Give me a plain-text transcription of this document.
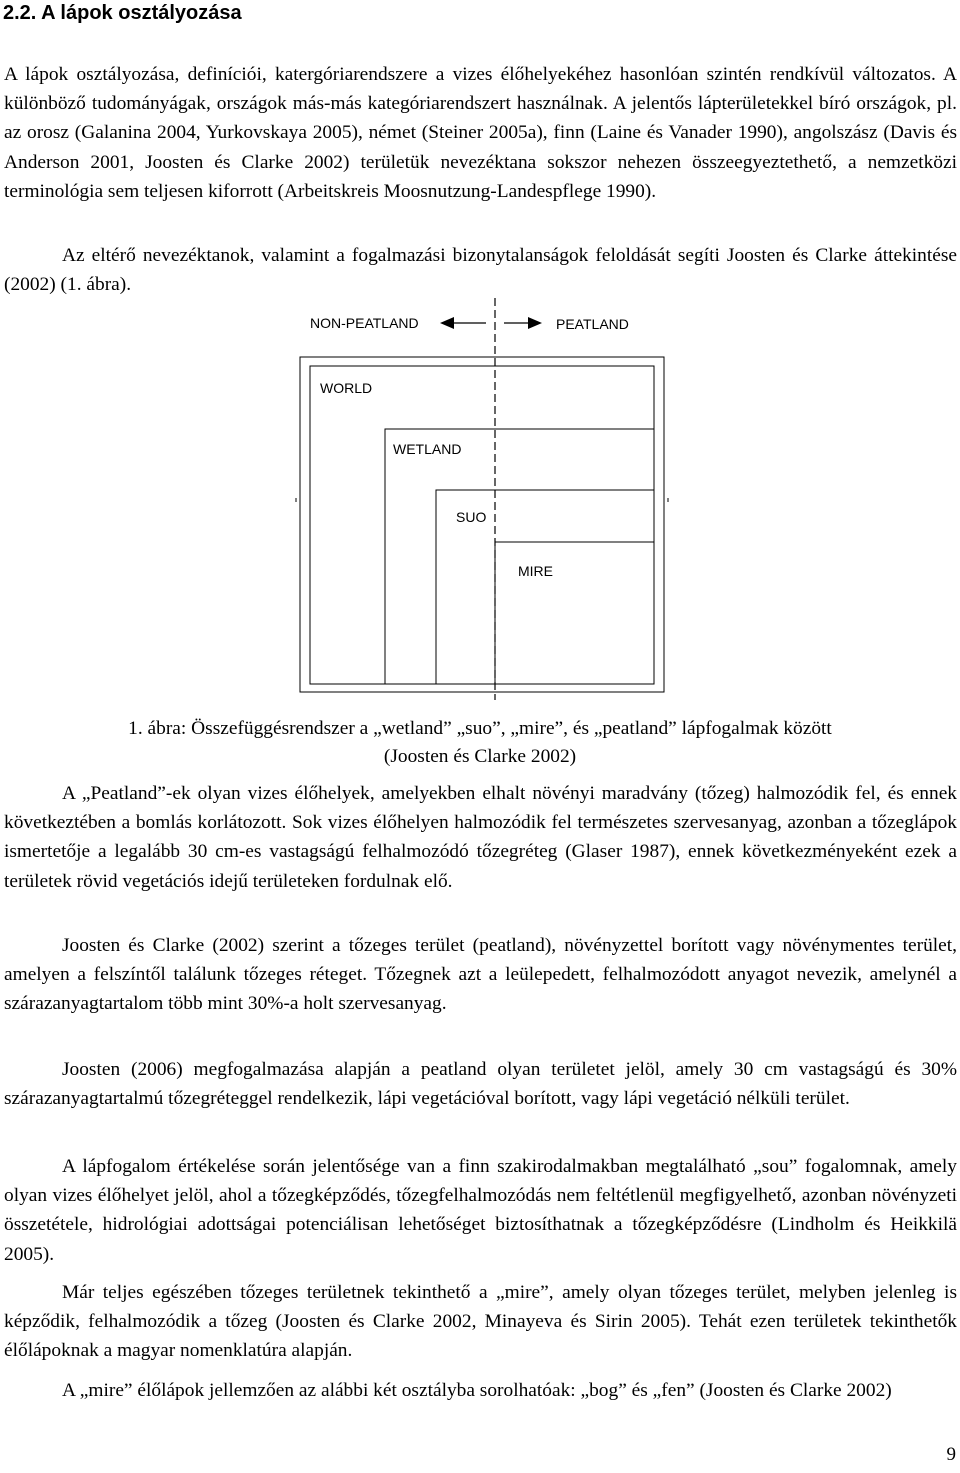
2.2. A lápok osztályozása
A lápok osztályozása, definíciói, katergóriarendszere a vizes élőhelyekéhez hasonlóan szintén rendkívül változatos. A különböző tudományágak, országok más-más kategóriarendszert használnak. A jelentős lápterületekkel bíró országok, pl. az orosz (Galanina 2004, Yurkovskaya 2005), német (Steiner 2005a), finn (Laine és Vanader 1990), angolszász (Davis és Anderson 2001, Joosten és Clarke 2002) területük nevezéktana sokszor nehezen összeegyeztethető, a nemzetközi terminológia sem teljesen kiforrott (Arbeitskreis Moosnutzung-Landespflege 1990).
Az eltérő nevezéktanok, valamint a fogalmazási bizonytalanságok feloldását segíti Joosten és Clarke áttekintése (2002) (1. ábra).
NON-PEATLAND	PEATLAND
WORLD
WETLAND
SUO
MIRE
1. ábra: Összefüggésrendszer a „wetland” „suo”, „mire”, és „peatland” lápfogalmak között
(Joosten és Clarke 2002)
A „Peatland”-ek olyan vizes élőhelyek, amelyekben elhalt növényi maradvány (tőzeg) halmozódik fel, és ennek következtében a bomlás korlátozott. Sok vizes élőhelyen halmozódik fel természetes szervesanyag, azonban a tőzeglápok ismertetője a legalább 30 cm-es vastagságú felhalmozódó tőzegréteg (Glaser 1987), ennek következményeként ezek a területek rövid vegetációs idejű területeken fordulnak elő.
Joosten és Clarke (2002) szerint a tőzeges terület (peatland), növényzettel borított vagy növénymentes terület, amelyen a felszíntől találunk tőzeges réteget. Tőzegnek azt a leülepedett, felhalmozódott anyagot nevezik, amelynél a szárazanyagtartalom több mint 30%-a holt szervesanyag.
Joosten (2006) megfogalmazása alapján a peatland olyan területet jelöl, amely 30 cm vastagságú és 30% szárazanyagtartalmú tőzegréteggel rendelkezik, lápi vegetációval borított, vagy lápi vegetáció nélküli terület.
A lápfogalom értékelése során jelentősége van a finn szakirodalmakban megtalálható „sou” fogalomnak, amely olyan vizes élőhelyet jelöl, ahol a tőzegképződés, tőzegfelhalmozódás nem feltétlenül megfigyelhető, azonban növényzeti összetétele, hidrológiai adottságai potenciálisan lehetőséget biztosíthatnak a tőzegképződésre (Lindholm és Heikkilä 2005).
Már teljes egészében tőzeges területnek tekinthető a „mire”, amely olyan tőzeges terület, melyben jelenleg is képződik, felhalmozódik a tőzeg (Joosten és Clarke 2002, Minayeva és Sirin 2005). Tehát ezen területek tekinthetők élőlápoknak a magyar nomenklatúra alapján.
A „mire” élőlápok jellemzően az alábbi két osztályba sorolhatóak: „bog” és „fen” (Joosten és Clarke 2002)
9
